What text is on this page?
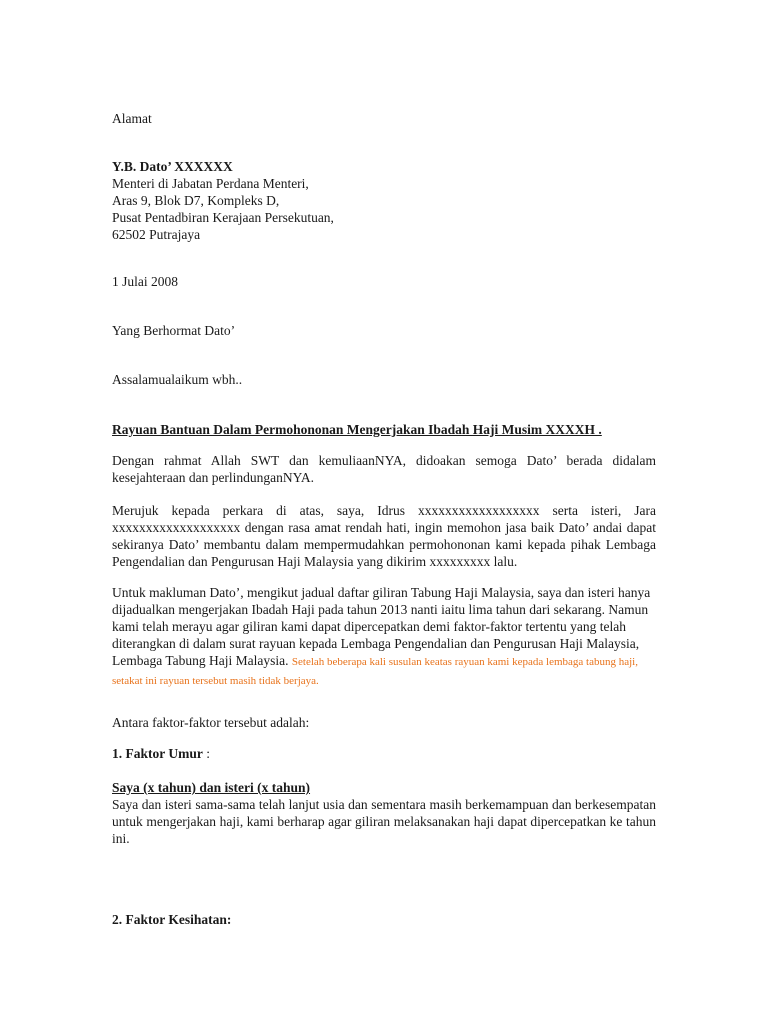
Alamat

Y.B. Dato’ XXXXXX

Menteri di Jabatan Perdana Menteri,

Aras 9, Blok D7, Kompleks D,

Pusat Pentadbiran Kerajaan Persekutuan,

62502 Putrajaya

1 Julai 2008

Yang Berhormat Dato’

Assalamualaikum wbh..

Rayuan Bantuan Dalam Permohononan Mengerjakan Ibadah Haji Musim XXXXH .

Dengan rahmat Allah SWT dan kemuliaanNYA, didoakan semoga Dato’ berada didalam kesejahteraan dan perlindunganNYA.

Merujuk kepada perkara di atas, saya, Idrus xxxxxxxxxxxxxxxxxx serta isteri, Jara xxxxxxxxxxxxxxxxxxx dengan rasa amat rendah hati, ingin memohon jasa baik Dato’ andai dapat sekiranya Dato’ membantu dalam mempermudahkan permohononan kami kepada pihak Lembaga Pengendalian dan Pengurusan Haji Malaysia yang dikirim xxxxxxxxx lalu.

Untuk makluman Dato’, mengikut jadual daftar giliran Tabung Haji Malaysia, saya dan isteri hanya dijadualkan mengerjakan Ibadah Haji pada tahun 2013 nanti iaitu lima tahun dari sekarang. Namun kami telah merayu agar giliran kami dapat dipercepatkan demi faktor-faktor tertentu yang telah diterangkan di dalam surat rayuan kepada Lembaga Pengendalian dan Pengurusan Haji Malaysia, Lembaga Tabung Haji Malaysia. Setelah beberapa kali susulan keatas rayuan kami kepada lembaga tabung haji, setakat ini rayuan tersebut masih tidak berjaya.

Antara faktor-faktor tersebut adalah:

1. Faktor Umur :

Saya (x tahun) dan isteri (x tahun)

Saya dan isteri sama-sama telah lanjut usia dan sementara masih berkemampuan dan berkesempatan untuk mengerjakan haji, kami berharap agar giliran melaksanakan haji dapat dipercepatkan ke tahun ini.

2. Faktor Kesihatan:
